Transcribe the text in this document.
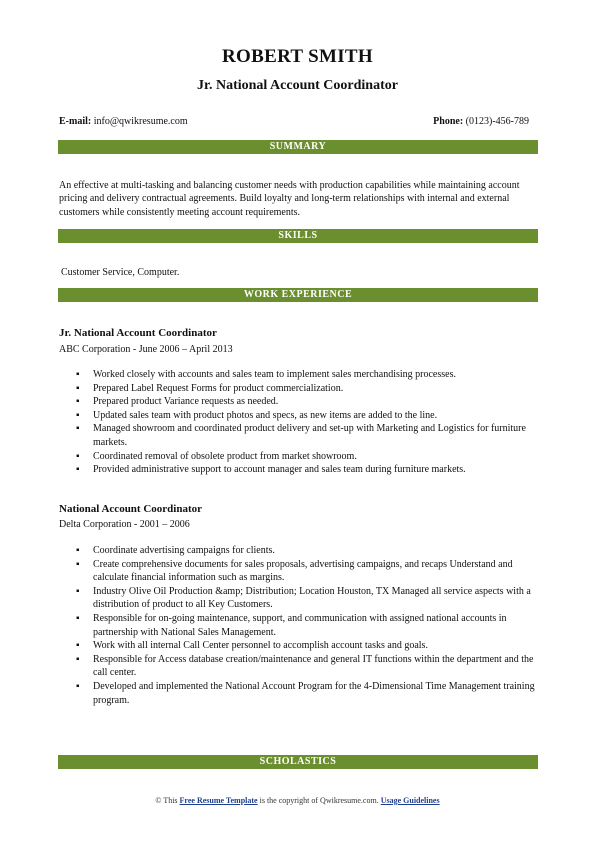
ROBERT SMITH
Jr. National Account Coordinator
E-mail: info@qwikresume.com	Phone: (0123)-456-789
SUMMARY
An effective at multi-tasking and balancing customer needs with production capabilities while maintaining account pricing and delivery contractual agreements. Build loyalty and long-term relationships with internal and external customers while consistently meeting account requirements.
SKILLS
Customer Service, Computer.
WORK EXPERIENCE
Jr. National Account Coordinator
ABC Corporation - June 2006 – April 2013
▪ Worked closely with accounts and sales team to implement sales merchandising processes.
▪ Prepared Label Request Forms for product commercialization.
▪ Prepared product Variance requests as needed.
▪ Updated sales team with product photos and specs, as new items are added to the line.
▪ Managed showroom and coordinated product delivery and set-up with Marketing and Logistics for furniture markets.
▪ Coordinated removal of obsolete product from market showroom.
▪ Provided administrative support to account manager and sales team during furniture markets.
National Account Coordinator
Delta Corporation - 2001 – 2006
▪ Coordinate advertising campaigns for clients.
▪ Create comprehensive documents for sales proposals, advertising campaigns, and recaps Understand and calculate financial information such as margins.
▪ Industry Olive Oil Production &amp; Distribution; Location Houston, TX Managed all service aspects with a distribution of product to all Key Customers.
▪ Responsible for on-going maintenance, support, and communication with assigned national accounts in partnership with National Sales Management.
▪ Work with all internal Call Center personnel to accomplish account tasks and goals.
▪ Responsible for Access database creation/maintenance and general IT functions within the department and the call center.
▪ Developed and implemented the National Account Program for the 4-Dimensional Time Management training program.
SCHOLASTICS
© This Free Resume Template is the copyright of Qwikresume.com. Usage Guidelines
